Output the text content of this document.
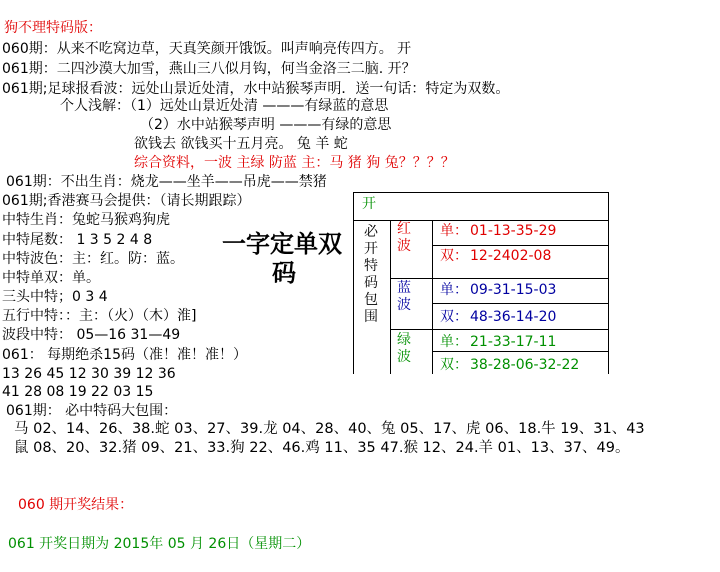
狗不理特码版：
060期：从来不吃窝边草，天真笑颜开饿饭。叫声响亮传四方。 开
061期：二四沙漠大加雪，燕山三八似月钩，何当金洛三二脑. 开？
061期;足球报看波：远处山景近处清，水中站猴琴声明．送一句话：特定为双数。
个人浅解：（1）远处山景近处清 ———有绿蓝的意思
（2）水中站猴琴声明 ———有绿的意思
欲钱去 欲钱买十五月亮。 兔 羊 蛇
综合资料，一波 主绿 防蓝 主：马 猪 狗 兔？？？？
061期：不出生肖：烧龙——坐羊——吊虎——禁猪
061期;香港赛马会提供：（请长期跟踪）
中特生肖：兔蛇马猴鸡狗虎
中特尾数： 1 3 5 2 4 8
中特波色：主：红。防：蓝。
中特单双：单。
三头中特；0 3 4
五行中特：：主：（火）（木）淮]
波段中特： 05—16 31—49
061： 每期绝杀15码（准！准！准！）
13 26 45 12 30 39 12 36
41 28 08 19 22 03 15
一字定单双
码
开
必开特码包围
红波
单： 01-13-35-29
双： 12-2402-08
蓝波
单： 09-31-15-03
双： 48-36-14-20
绿波
单： 21-33-17-11
双： 38-28-06-32-22
061期： 必中特码大包围：
马 02、14、26、38.蛇 03、27、39.龙 04、28、40、兔 05、17、虎 06、18.牛 19、31、43
鼠 08、20、32.猪 09、21、33.狗 22、46.鸡 11、35 47.猴 12、24.羊 01、13、37、49。
060 期开奖结果：
061 开奖日期为 2015年 05 月 26日（星期二）
